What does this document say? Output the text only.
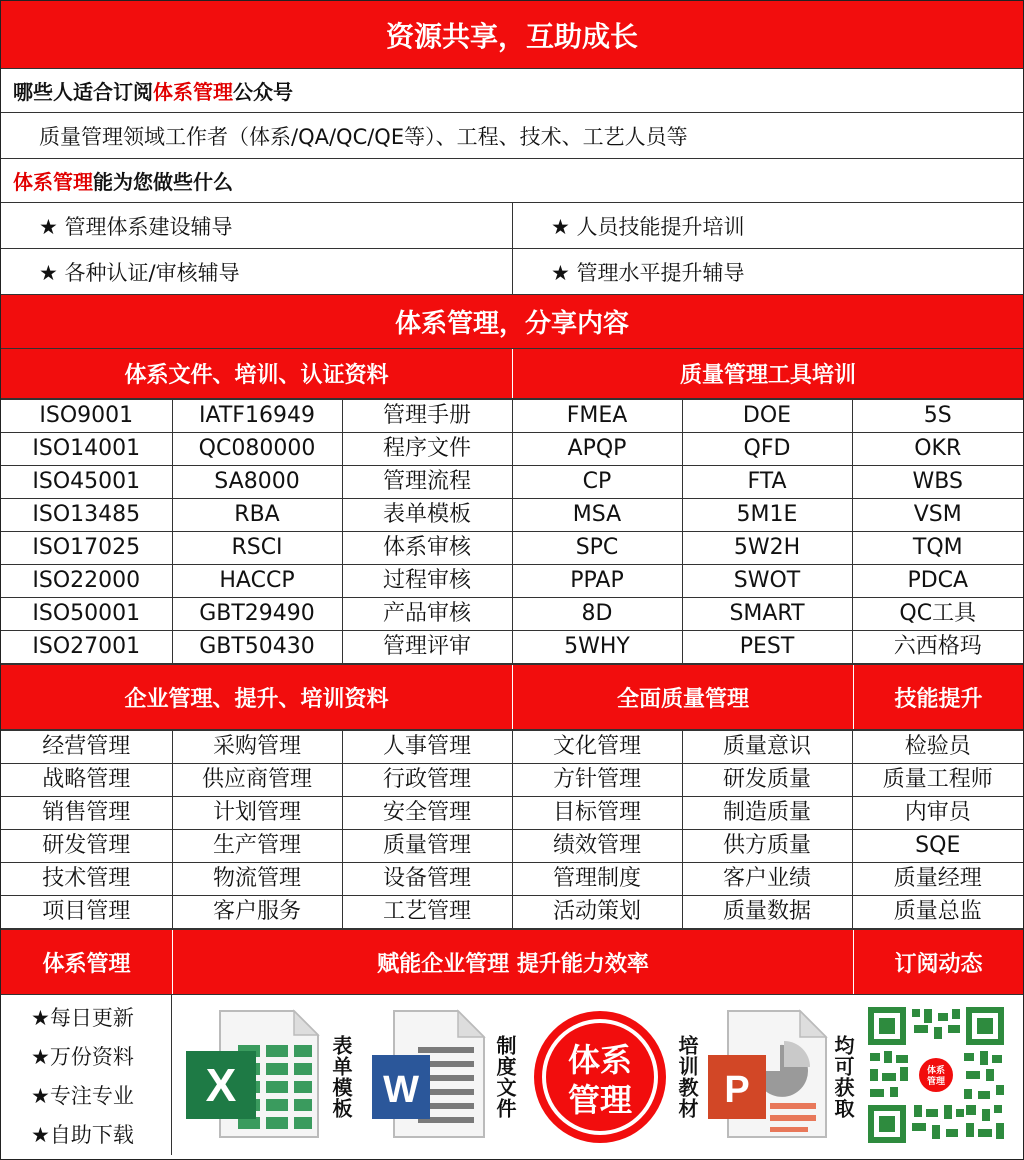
资源共享，互助成长
哪些人适合订阅 体系管理 公众号
质量管理领域工作者（体系/QA/QC/QE等）、工程、技术、工艺人员等
体系管理 能为您做些什么
★ 管理体系建设辅导	★ 人员技能提升培训
★ 各种认证/审核辅导	★ 管理水平提升辅导
体系管理，分享内容
体系文件、培训、认证资料	质量管理工具培训
ISO9001	IATF16949	管理手册	FMEA	DOE	5S
ISO14001	QC080000	程序文件	APQP	QFD	OKR
ISO45001	SA8000	管理流程	CP	FTA	WBS
ISO13485	RBA	表单模板	MSA	5M1E	VSM
ISO17025	RSCI	体系审核	SPC	5W2H	TQM
ISO22000	HACCP	过程审核	PPAP	SWOT	PDCA
ISO50001	GBT29490	产品审核	8D	SMART	QC工具
ISO27001	GBT50430	管理评审	5WHY	PEST	六西格玛
企业管理、提升、培训资料	全面质量管理	技能提升
经营管理	采购管理	人事管理	文化管理	质量意识	检验员
战略管理	供应商管理	行政管理	方针管理	研发质量	质量工程师
销售管理	计划管理	安全管理	目标管理	制造质量	内审员
研发管理	生产管理	质量管理	绩效管理	供方质量	SQE
技术管理	物流管理	设备管理	管理制度	客户业绩	质量经理
项目管理	客户服务	工艺管理	活动策划	质量数据	质量总监
体系管理	赋能企业管理 提升能力效率	订阅动态
★每日更新
★万份资料
★专注专业
★自助下载
X	表单模板 W	制度文件 体系
管理 培训教材 P	均可获取	体系
管理
